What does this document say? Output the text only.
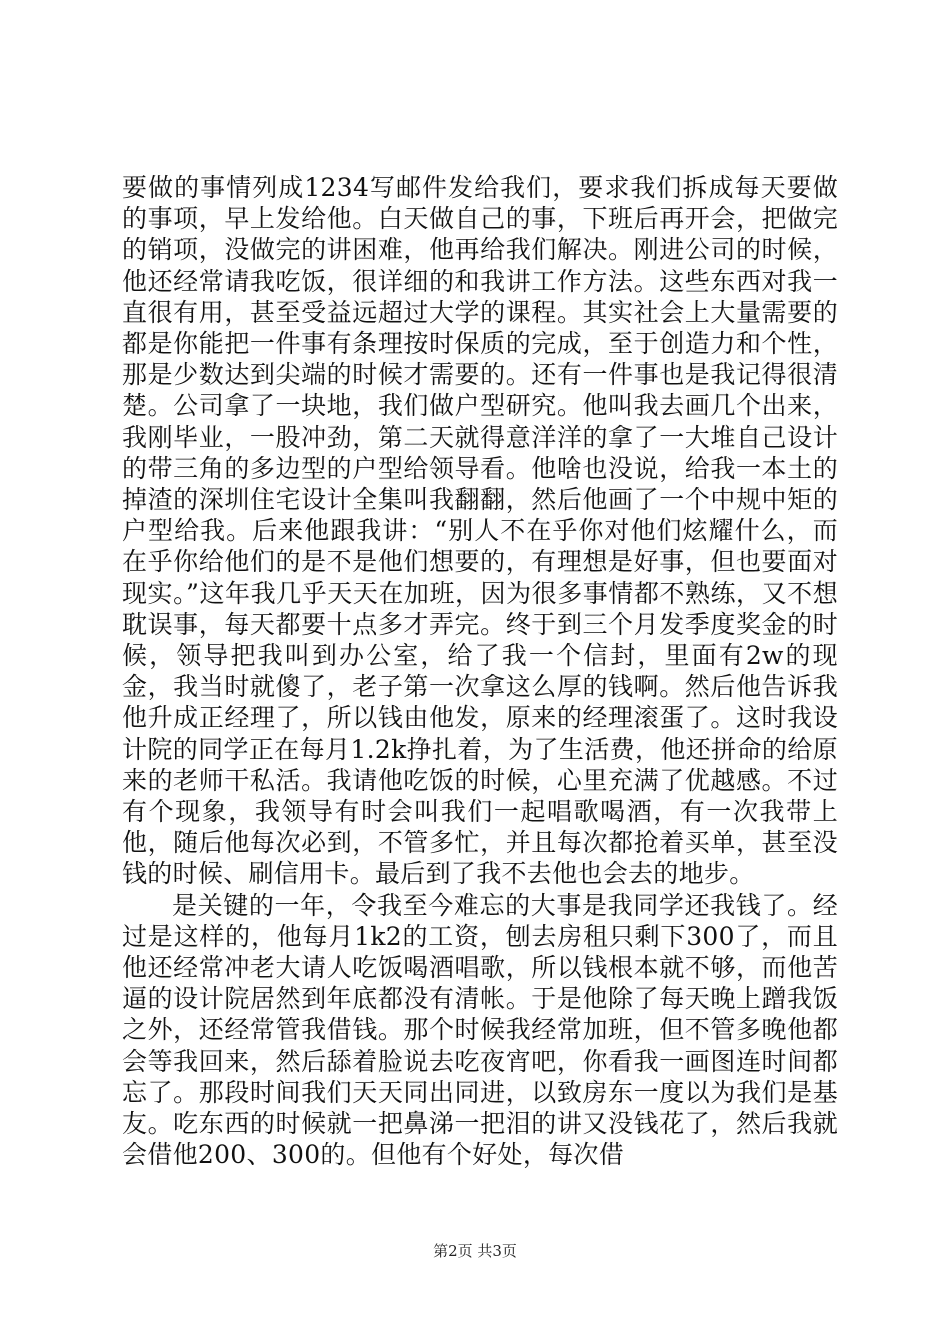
要做的事情列成1234写邮件发给我们，要求我们拆成每天要做的事项，早上发给他。白天做自己的事，下班后再开会，把做完的销项，没做完的讲困难，他再给我们解决。刚进公司的时候，他还经常请我吃饭，很详细的和我讲工作方法。这些东西对我一直很有用，甚至受益远超过大学的课程。其实社会上大量需要的都是你能把一件事有条理按时保质的完成，至于创造力和个性，那是少数达到尖端的时候才需要的。还有一件事也是我记得很清楚。公司拿了一块地，我们做户型研究。他叫我去画几个出来，我刚毕业，一股冲劲，第二天就得意洋洋的拿了一大堆自己设计的带三角的多边型的户型给领导看。他啥也没说，给我一本土的掉渣的深圳住宅设计全集叫我翻翻，然后他画了一个中规中矩的户型给我。后来他跟我讲：“别人不在乎你对他们炫耀什么，而在乎你给他们的是不是他们想要的，有理想是好事，但也要面对现实。”这年我几乎天天在加班，因为很多事情都不熟练，又不想耽误事，每天都要十点多才弄完。终于到三个月发季度奖金的时候，领导把我叫到办公室，给了我一个信封，里面有2w的现金，我当时就傻了，老子第一次拿这么厚的钱啊。然后他告诉我他升成正经理了，所以钱由他发，原来的经理滚蛋了。这时我设计院的同学正在每月1.2k挣扎着，为了生活费，他还拼命的给原来的老师干私活。我请他吃饭的时候，心里充满了优越感。不过有个现象，我领导有时会叫我们一起唱歌喝酒，有一次我带上他，随后他每次必到，不管多忙，并且每次都抢着买单，甚至没钱的时候、刷信用卡。最后到了我不去他也会去的地步。

是关键的一年，令我至今难忘的大事是我同学还我钱了。经过是这样的，他每月1k2的工资，刨去房租只剩下300了，而且他还经常冲老大请人吃饭喝酒唱歌，所以钱根本就不够，而他苦逼的设计院居然到年底都没有清帐。于是他除了每天晚上蹭我饭之外，还经常管我借钱。那个时候我经常加班，但不管多晚他都会等我回来，然后舔着脸说去吃夜宵吧，你看我一画图连时间都忘了。那段时间我们天天同出同进，以致房东一度以为我们是基友。吃东西的时候就一把鼻涕一把泪的讲又没钱花了，然后我就会借他200、300的。但他有个好处，每次借

第2页 共3页
